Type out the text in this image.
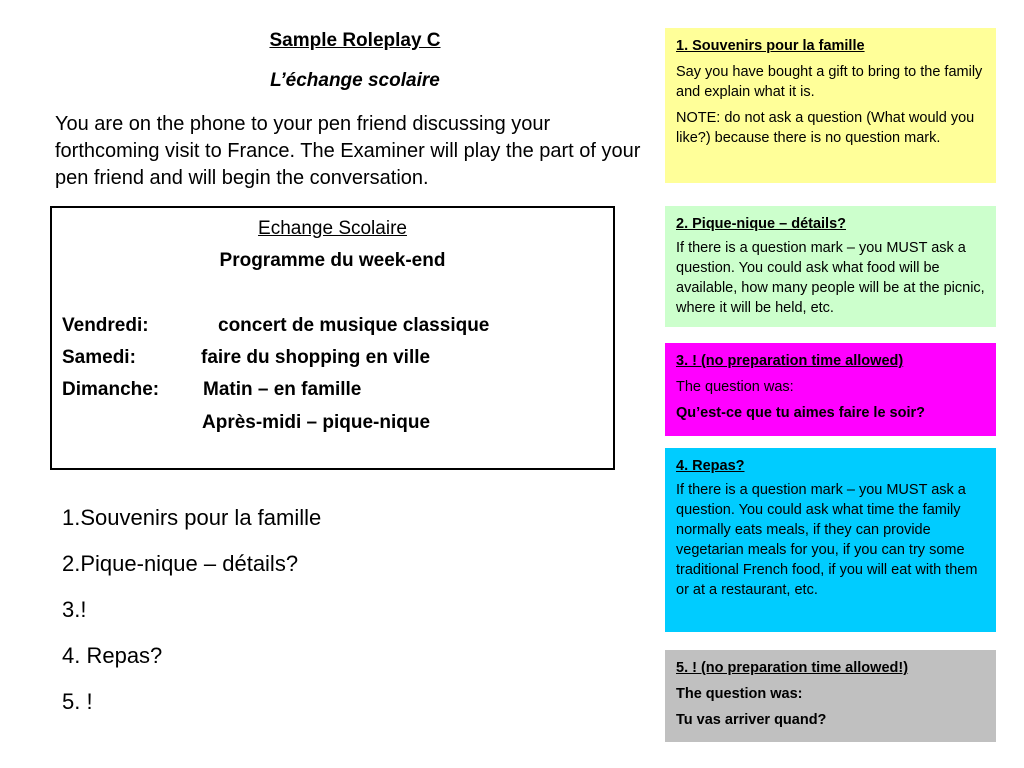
Sample Roleplay C
L’échange scolaire

You are on the phone to your pen friend discussing your forthcoming visit to France. The Examiner will play the part of your pen friend and will begin the conversation.

Echange Scolaire
Programme du week-end
Vendredi:	concert de musique classique
Samedi:	faire du shopping en ville
Dimanche: Matin – en famille
Après-midi – pique-nique
1.Souvenirs pour la famille
2.Pique-nique – détails?
3.!
4. Repas?
5. !

1. Souvenirs pour la famille

Say you have bought a gift to bring to the family and explain what it is.

NOTE: do not ask a question (What would you like?) because there is no question mark.

2. Pique-nique – détails?

If there is a question mark – you MUST ask a question. You could ask what food will be available, how many people will be at the picnic, where it will be held, etc.

3. ! (no preparation time allowed)

The question was:

Qu’est-ce que tu aimes faire le soir?

4. Repas?

If there is a question mark – you MUST ask a question. You could ask what time the family normally eats meals, if they can provide vegetarian meals for you, if you can try some traditional French food, if you will eat with them or at a restaurant, etc.

5. ! (no preparation time allowed!)

The question was:

Tu vas arriver quand?
